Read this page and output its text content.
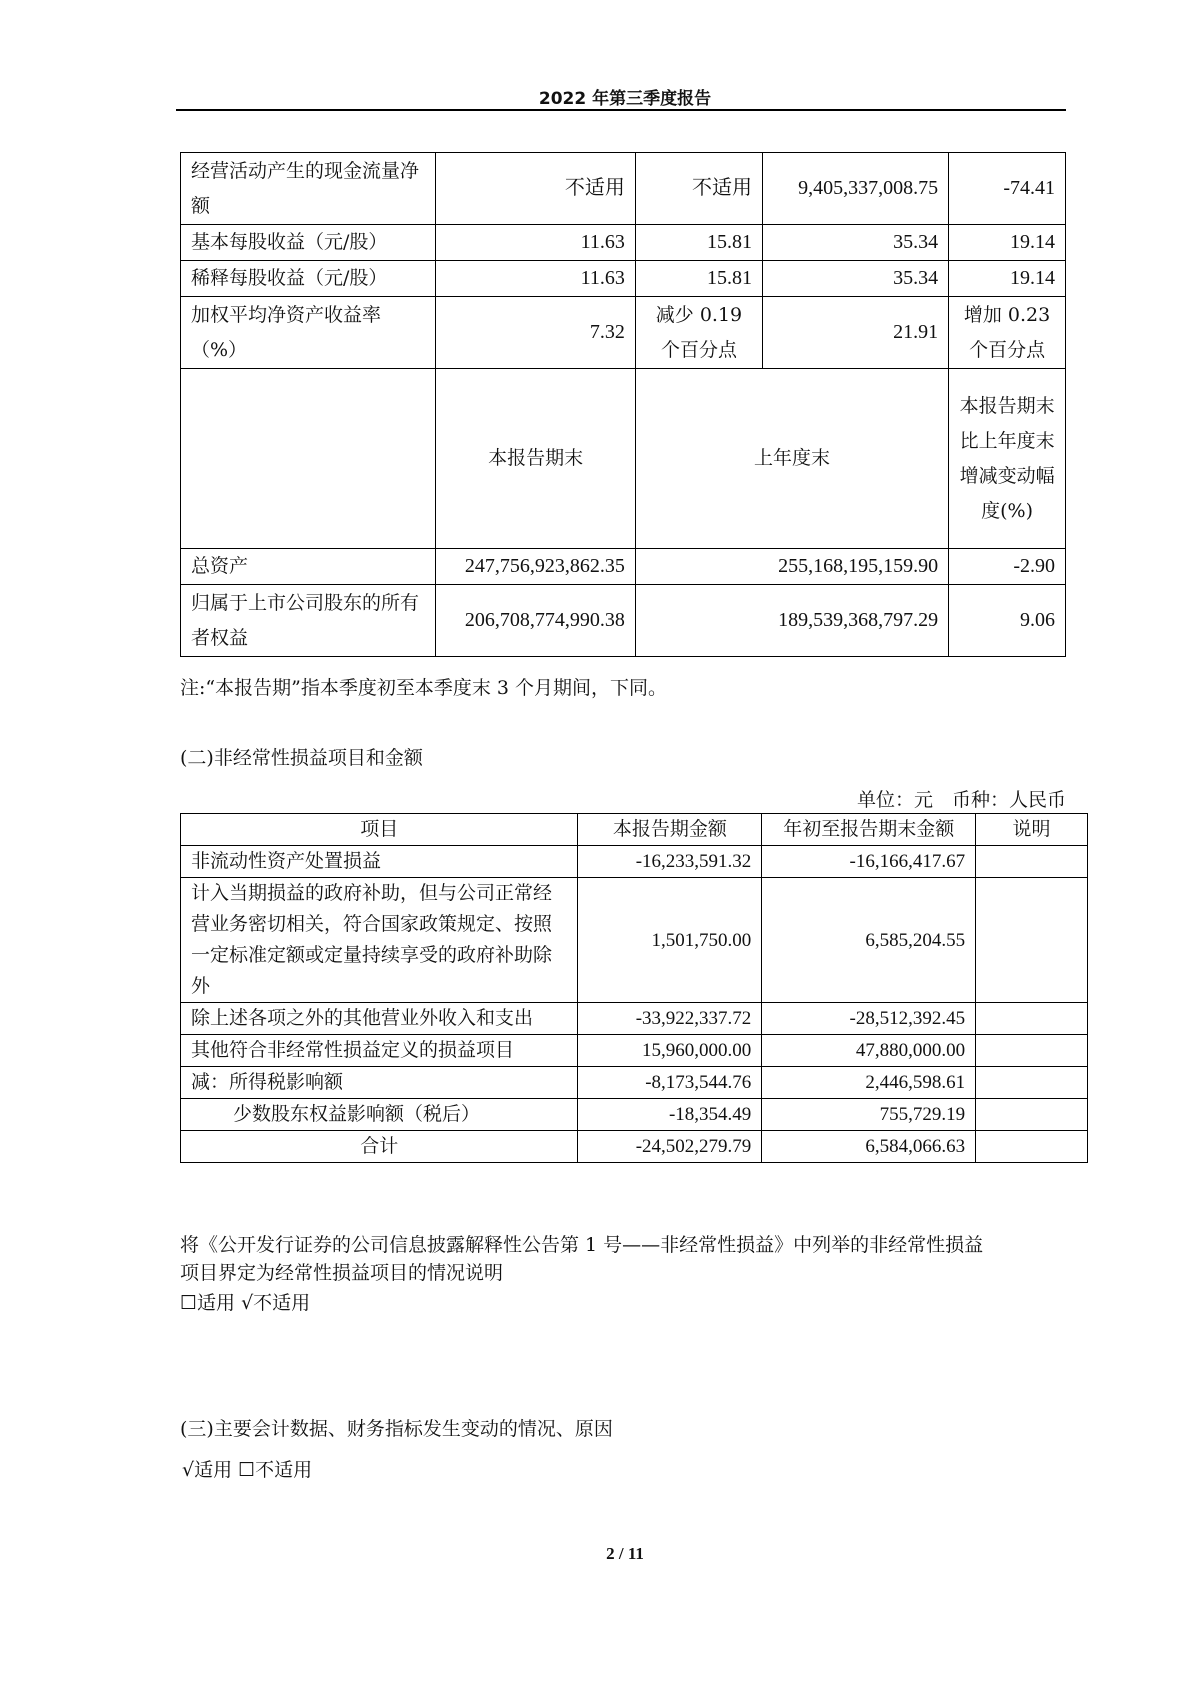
2022 年第三季度报告
经营活动产生的现金流量净额	不适用	不适用	9,405,337,008.75	-74.41
基本每股收益（元/股）	11.63	15.81	35.34	19.14
稀释每股收益（元/股）	11.63	15.81	35.34	19.14
加权平均净资产收益率（%）	7.32	减少 0.19 个百分点	21.91	增加 0.23 个百分点
	本报告期末	上年度末		本报告期末比上年度末增减变动幅度(%)
总资产	247,756,923,862.35	255,168,195,159.90		-2.90
归属于上市公司股东的所有者权益	206,708,774,990.38	189,539,368,797.29		9.06
注:“本报告期”指本季度初至本季度末 3 个月期间，下同。
(二)非经常性损益项目和金额
单位：元　币种：人民币
项目	本报告期金额	年初至报告期末金额	说明
非流动性资产处置损益	-16,233,591.32	-16,166,417.67	
计入当期损益的政府补助，但与公司正常经营业务密切相关，符合国家政策规定、按照一定标准定额或定量持续享受的政府补助除外	1,501,750.00	6,585,204.55	
除上述各项之外的其他营业外收入和支出	-33,922,337.72	-28,512,392.45	
其他符合非经常性损益定义的损益项目	15,960,000.00	47,880,000.00	
减：所得税影响额	-8,173,544.76	2,446,598.61	
少数股东权益影响额（税后）	-18,354.49	755,729.19	
合计	-24,502,279.79	6,584,066.63	
将《公开发行证券的公司信息披露解释性公告第 1 号——非经常性损益》中列举的非经常性损益
项目界定为经常性损益项目的情况说明
☐适用 √不适用
(三)主要会计数据、财务指标发生变动的情况、原因
√适用 ☐不适用
2 / 11
